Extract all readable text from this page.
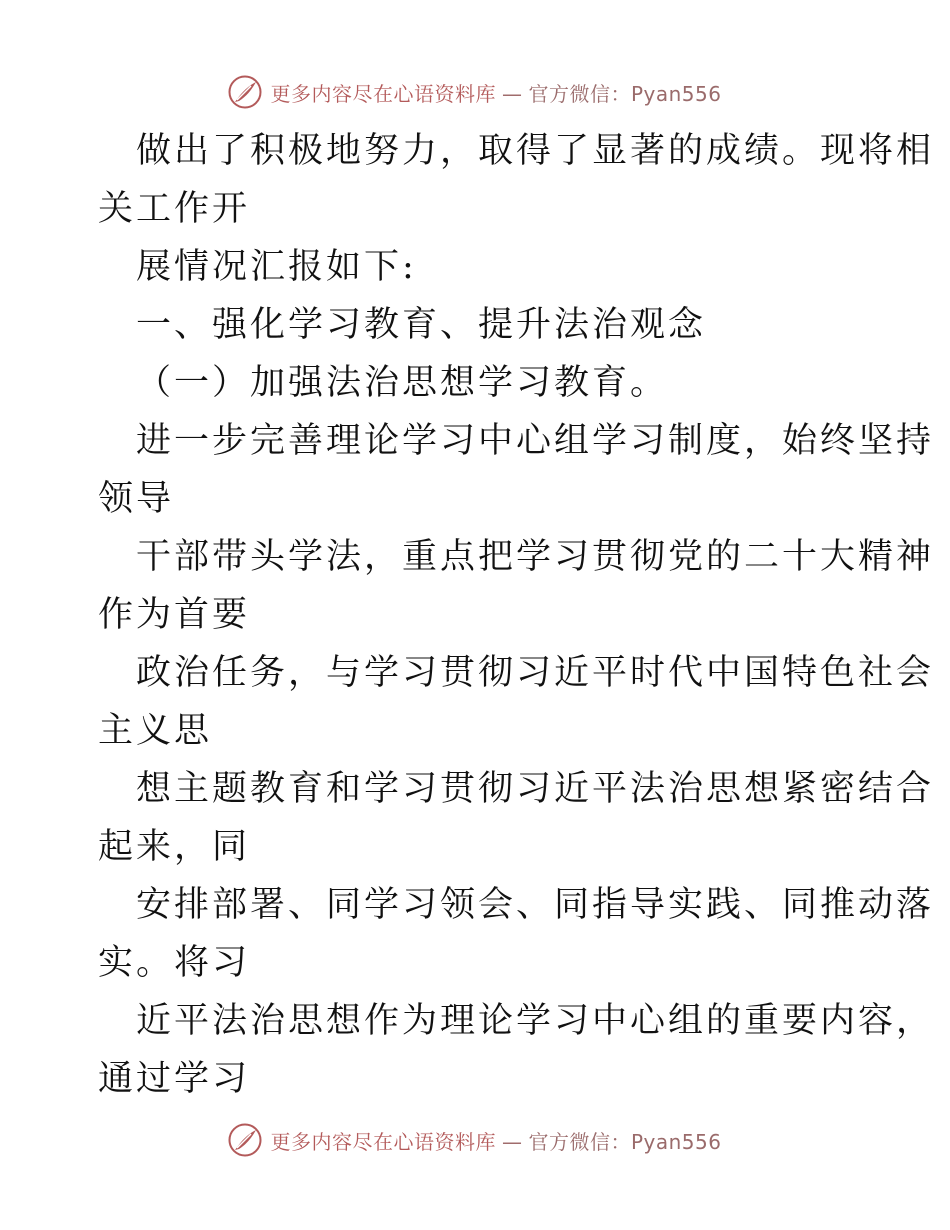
更多内容尽在心语资料库 — 官方微信：Pyan556
做出了积极地努力，取得了显著的成绩。现将相
关工作开
展情况汇报如下:
一、强化学习教育、提升法治观念
（一）加强法治思想学习教育。
进一步完善理论学习中心组学习制度，始终坚持
领导
干部带头学法，重点把学习贯彻党的二十大精神
作为首要
政治任务，与学习贯彻习近平时代中国特色社会
主义思
想主题教育和学习贯彻习近平法治思想紧密结合
起来，同
安排部署、同学习领会、同指导实践、同推动落
实。将习
近平法治思想作为理论学习中心组的重要内容，
通过学习
更多内容尽在心语资料库 — 官方微信：Pyan556
